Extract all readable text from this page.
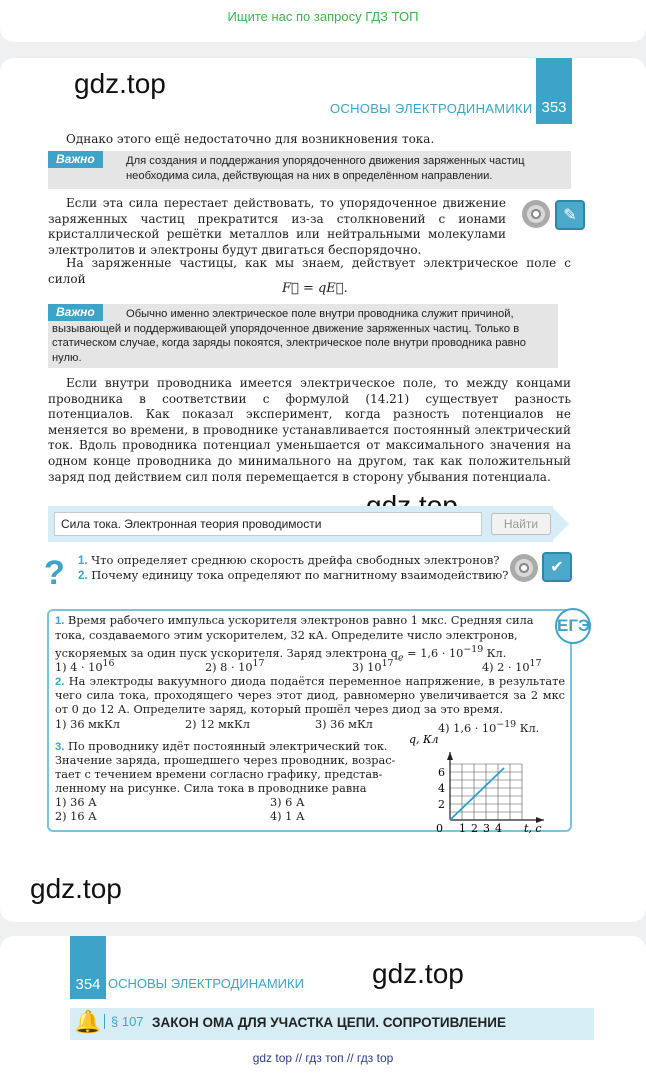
Ищите нас по запросу ГДЗ ТОП
gdz.top
ОСНОВЫ ЭЛЕКТРОДИНАМИКИ 353
Однако этого ещё недостаточно для возникновения тока.
Важно	Для создания и поддержания упорядоченного движения заряженных частиц необходима сила, действующая на них в определённом направлении.
Если эта сила перестает действовать, то упорядоченное движение заряженных частиц прекратится из-за столкновений с ионами кристаллической решётки металлов или нейтральными молекулами электролитов и электроны будут двигаться беспорядочно.
✎
На заряженные частицы, как мы знаем, действует электрическое поле с силой
F⃗ = qE⃗.
Важно	Обычно именно электрическое поле внутри проводника служит причиной, вызывающей и поддерживающей упорядоченное движение заряженных частиц. Только в статическом случае, когда заряды покоятся, электрическое поле внутри проводника равно нулю.
Если внутри проводника имеется электрическое поле, то между концами проводника в соответствии с формулой (14.21) существует разность потенциалов. Как показал эксперимент, когда разность потенциалов не меняется во времени, в проводнике устанавливается постоянный электрический ток. Вдоль проводника потенциал уменьшается от максимального значения на одном конце проводника до минимального на другом, так как положительный заряд под действием сил поля перемещается в сторону убывания потенциала.
Сила тока. Электронная теория проводимости	Найти
? 1. Что определяет среднюю скорость дрейфа свободных электронов?
2. Почему единицу тока определяют по магнитному взаимодействию?	✔
ЕГЭ
1. Время рабочего импульса ускорителя электронов равно 1 мкс. Средняя сила
тока, создаваемого этим ускорителем, 32 кА. Определите число электронов,
ускоряемых за один пуск ускорителя. Заряд электрона $q_e = 1,6 \cdot 10^{-19}$ Кл.
1) $4 \cdot 10^{16}$	2) $8 \cdot 10^{17}$	3) $10^{17}$	4) $2 \cdot 10^{17}$
2. На электроды вакуумного диода подаётся переменное напряжение, в результате чего сила тока, проходящего через этот диод, равномерно увеличивается за 2 мкс от 0 до 12 А. Определите заряд, который прошёл через диод за это время.
1) 36 мкКл	2) 12 мкКл	3) 36 мКл	4) $1,6 \cdot 10^{-19}$ Кл.
3. По проводнику идёт постоянный электрический ток.
Значение заряда, прошедшего через проводник, возрас-
тает с течением времени согласно графику, представ-
ленному на рисунке. Сила тока в проводнике равна
1) 36 А	3) 6 А
2) 16 А	4) 1 А
2
4
6
0 1 2 3 4
q, Кл
t, c
gdz.top
354 ОСНОВЫ ЭЛЕКТРОДИНАМИКИ gdz.top
🔔 § 107 ЗАКОН ОМА ДЛЯ УЧАСТКА ЦЕПИ. СОПРОТИВЛЕНИЕ
gdz top // гдз топ // гдз top
